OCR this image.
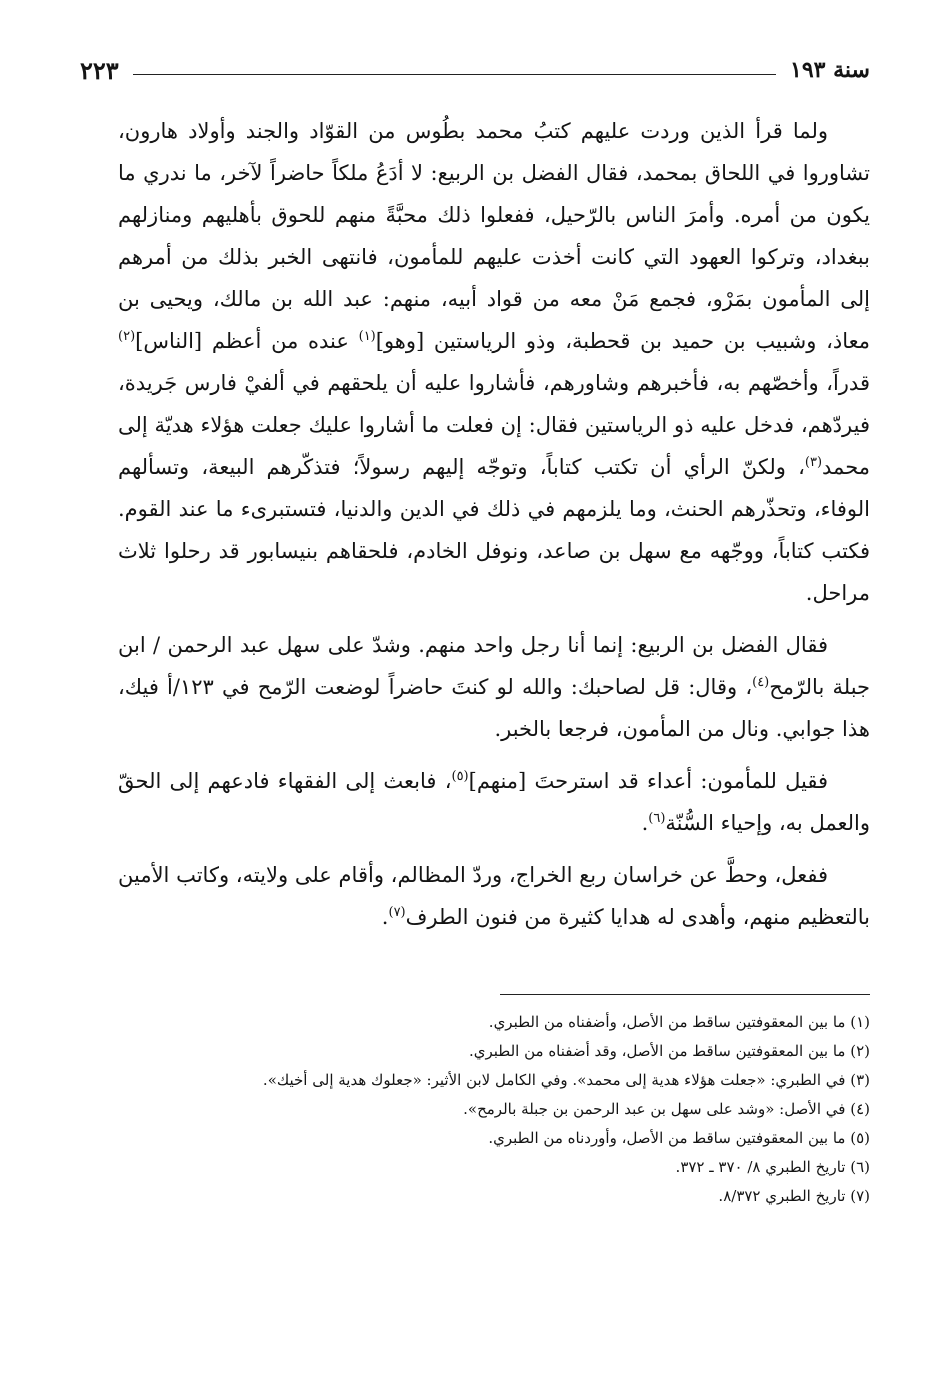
سنة ١٩٣
٢٢٣

ولما قرأ الذين وردت عليهم كتبُ محمد بطُوس من القوّاد والجند وأولاد هارون، تشاوروا في اللحاق بمحمد، فقال الفضل بن الربيع: لا أدَعُ ملكاً حاضراً لآخر، ما ندري ما يكون من أمره. وأمرَ الناس بالرّحيل، ففعلوا ذلك محبَّةً منهم للحوق بأهليهم ومنازلهم ببغداد، وتركوا العهود التي كانت أخذت عليهم للمأمون، فانتهى الخبر بذلك من أمرهم إلى المأمون بمَرْو، فجمع مَنْ معه من قواد أبيه، منهم: عبد الله بن مالك، ويحيى بن معاذ، وشبيب بن حميد بن قحطبة، وذو الرياستين [وهو]$^{(١)}$ عنده من أعظم [الناس]$^{(٢)}$ قدراً، وأخصّهم به، فأخبرهم وشاورهم، فأشاروا عليه أن يلحقهم في ألفيْ فارس جَريدة، فيردّهم، فدخل عليه ذو الرياستين فقال: إن فعلت ما أشاروا عليك جعلت هؤلاء هديّة إلى محمد$^{(٣)}$، ولكنّ الرأي أن تكتب كتاباً، وتوجّه إليهم رسولاً؛ فتذكّرهم البيعة، وتسألهم الوفاء، وتحذّرهم الحنث، وما يلزمهم في ذلك في الدين والدنيا، فتستبرىء ما عند القوم. فكتب كتاباً، ووجّهه مع سهل بن صاعد، ونوفل الخادم، فلحقاهم بنيسابور قد رحلوا ثلاث مراحل.

فقال الفضل بن الربيع: إنما أنا رجل واحد منهم. وشدّ على سهل عبد الرحمن / ابن جبلة بالرّمح$^{(٤)}$، وقال: قل لصاحبك: والله لو كنتَ حاضراً لوضعت الرّمح في ١٢٣/أ فيك، هذا جوابي. ونال من المأمون، فرجعا بالخبر.

فقيل للمأمون: أعداء قد استرحتَ [منهم]$^{(٥)}$، فابعث إلى الفقهاء فادعهم إلى الحقّ والعمل به، وإحياء السُّنّة$^{(٦)}$.

ففعل، وحطَّ عن خراسان ربع الخراج، وردّ المظالم، وأقام على ولايته، وكاتب الأمين بالتعظيم منهم، وأهدى له هدايا كثيرة من فنون الطرف$^{(٧)}$.

(١) ما بين المعقوفتين ساقط من الأصل، وأضفناه من الطبري.
(٢) ما بين المعقوفتين ساقط من الأصل، وقد أضفناه من الطبري.
(٣) في الطبري: «جعلت هؤلاء هدية إلى محمد». وفي الكامل لابن الأثير: «جعلوك هدية إلى أخيك».
(٤) في الأصل: «وشد على سهل بن عبد الرحمن بن جبلة بالرمح».
(٥) ما بين المعقوفتين ساقط من الأصل، وأوردناه من الطبري.
(٦) تاريخ الطبري ٨/ ٣٧٠ ـ ٣٧٢.
(٧) تاريخ الطبري ٨/٣٧٢.
